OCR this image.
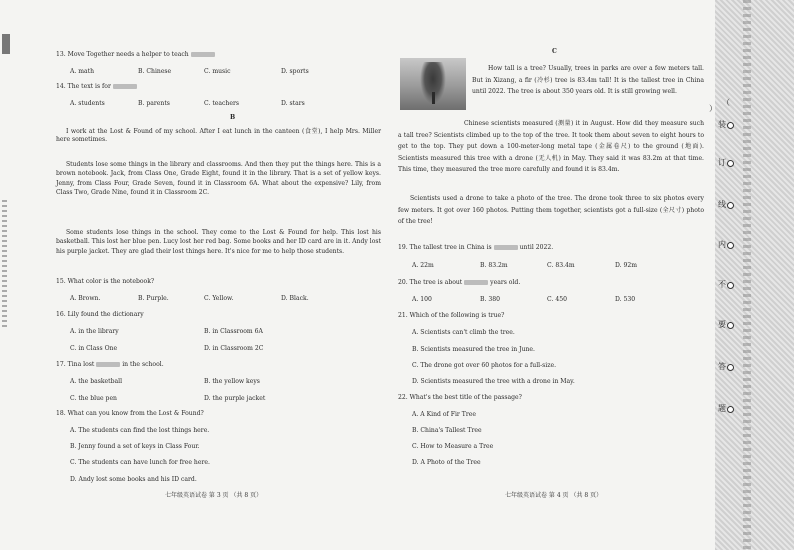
13. Move Together needs a helper to teach
A. math	B. Chinese	C. music	D. sports
14. The text is for
A. students	B. parents	C. teachers	D. stars
B
I work at the Lost & Found of my school. After I eat lunch in the canteen (食堂), I help Mrs. Miller here sometimes.
Students lose some things in the library and classrooms. And then they put the things here. This is a brown notebook. Jack, from Class One, Grade Eight, found it in the library. That is a set of yellow keys. Jenny, from Class Four, Grade Seven, found it in Classroom 6A. What about the expensive? Lily, from Class Two, Grade Nine, found it in Classroom 2C.
Some students lose things in the school. They come to the Lost & Found for help. This lost his basketball. This lost her blue pen. Lucy lost her red bag. Some books and her ID card are in it. Andy lost his purple jacket. They are glad their lost things here. It's nice for me to help those students.
15. What color is the notebook?
A. Brown.	B. Purple.	C. Yellow.	D. Black.
16. Lily found the dictionary
A. in the library	B. in Classroom 6A
C. in Class One	D. in Classroom 2C
17. Tina lost	in the school.
A. the basketball	B. the yellow keys
C. the blue pen	D. the purple jacket
18. What can you know from the Lost & Found?
A. The students can find the lost things here.
B. Jenny found a set of keys in Class Four.
C. The students can have lunch for free here.
D. Andy lost some books and his ID card.
七年级英语试卷 第 3 页 （共 8 页）
C
How tall is a tree? Usually, trees in parks are over a few meters tall. But in Xizang, a fir (冷杉) tree is 83.4m tall! It is the tallest tree in China until 2022. The tree is about 350 years old. It is still growing well.
Chinese scientists measured (测量) it in August. How did they measure such a tall tree? Scientists climbed up to the top of the tree. It took them about seven to eight hours to get to the top. They put down a 100-meter-long metal tape (金属卷尺) to the ground (地面). Scientists measured this tree with a drone (无人机) in May. They said it was 83.2m at that time. This time, they measured the tree more carefully and found it is 83.4m.
Scientists used a drone to take a photo of the tree. The drone took three to six photos every few meters. It got over 160 photos. Putting them together, scientists got a full-size (全尺寸) photo of the tree!
19. The tallest tree in China is	until 2022.
A. 22m	B. 83.2m	C. 83.4m	D. 92m
20. The tree is about	years old.
A. 100	B. 380	C. 450	D. 530
21. Which of the following is true?
A. Scientists can't climb the tree.
B. Scientists measured the tree in June.
C. The drone got over 60 photos for a full-size.
D. Scientists measured the tree with a drone in May.
22. What's the best title of the passage?
A. A Kind of Fir Tree
B. China's Tallest Tree
C. How to Measure a Tree
D. A Photo of the Tree
七年级英语试卷 第 4 页 （共 8 页）
（
装
订
线
内
不
要
答
题
）
